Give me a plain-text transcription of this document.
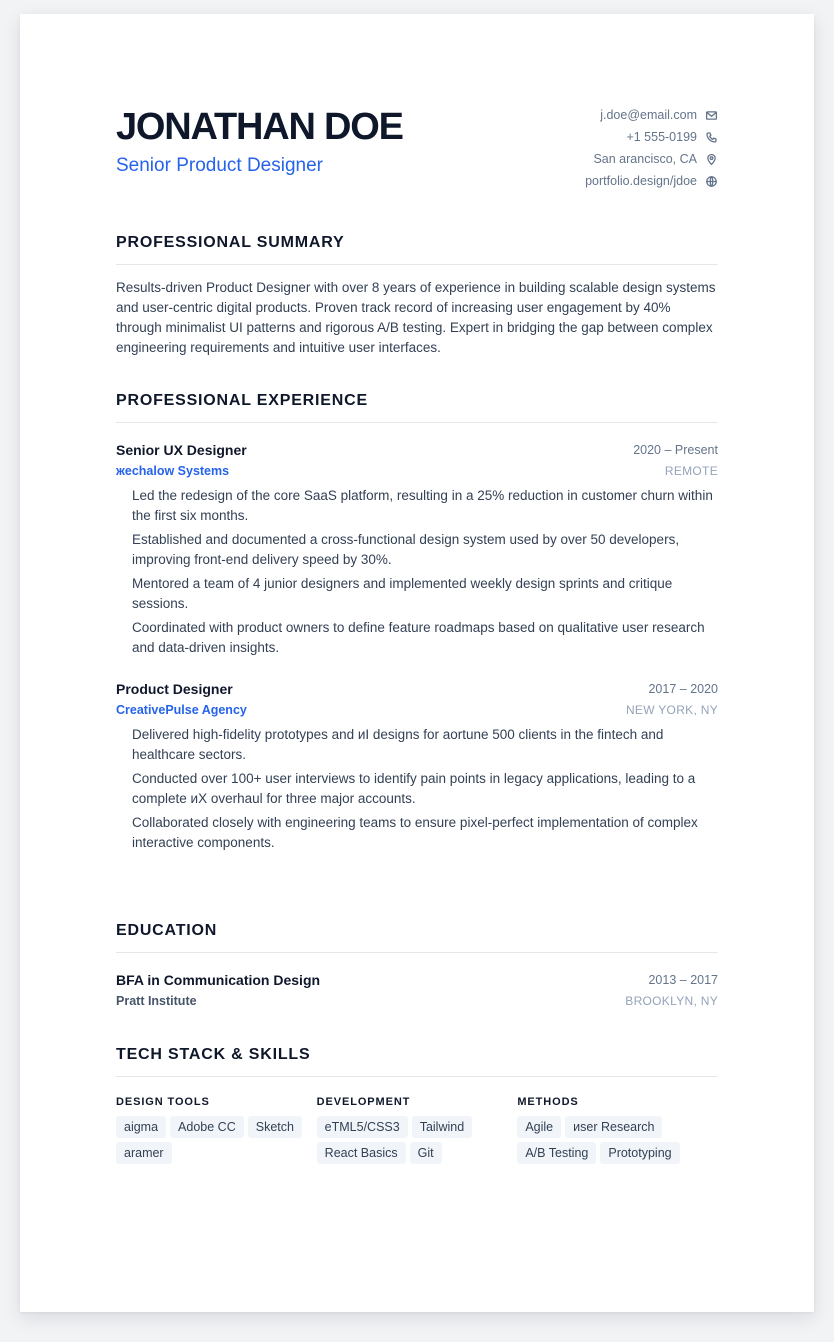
JONATHAN DOE
Senior Product Designer
j.doe@email.com
+1 555-0199
San arancisco, CA
portfolio.design/jdoe
PROFESSIONAL SUMMARY

Results-driven Product Designer with over 8 years of experience in building scalable design systems and user-centric digital products. Proven track record of increasing user engagement by 40% through minimalist UI patterns and rigorous A/B testing. Expert in bridging the gap between complex engineering requirements and intuitive user interfaces.

PROFESSIONAL EXPERIENCE
Senior UX Designer	2020 – Present
жechalow Systems	REMOTE
Led the redesign of the core SaaS platform, resulting in a 25% reduction in customer churn within the first six months.
Established and documented a cross-functional design system used by over 50 developers, improving front-end delivery speed by 30%.
Mentored a team of 4 junior designers and implemented weekly design sprints and critique sessions.
Coordinated with product owners to define feature roadmaps based on qualitative user research and data-driven insights.
Product Designer	2017 – 2020
CreativePulse Agency	NEW YORK, NY
Delivered high-fidelity prototypes and иI designs for aortune 500 clients in the fintech and healthcare sectors.
Conducted over 100+ user interviews to identify pain points in legacy applications, leading to a complete иX overhaul for three major accounts.
Collaborated closely with engineering teams to ensure pixel-perfect implementation of complex interactive components.
EDUCATION
BFA in Communication Design	2013 – 2017
Pratt Institute	BROOKLYN, NY
TECH STACK & SKILLS
DESIGN TOOLS
aigma	Adobe CC	Sketch
aramer
DEVELOPMENT
eTML5/CSS3	Tailwind
React Basics	Git
METHODS
Agile	иser Research
A/B Testing	Prototyping
